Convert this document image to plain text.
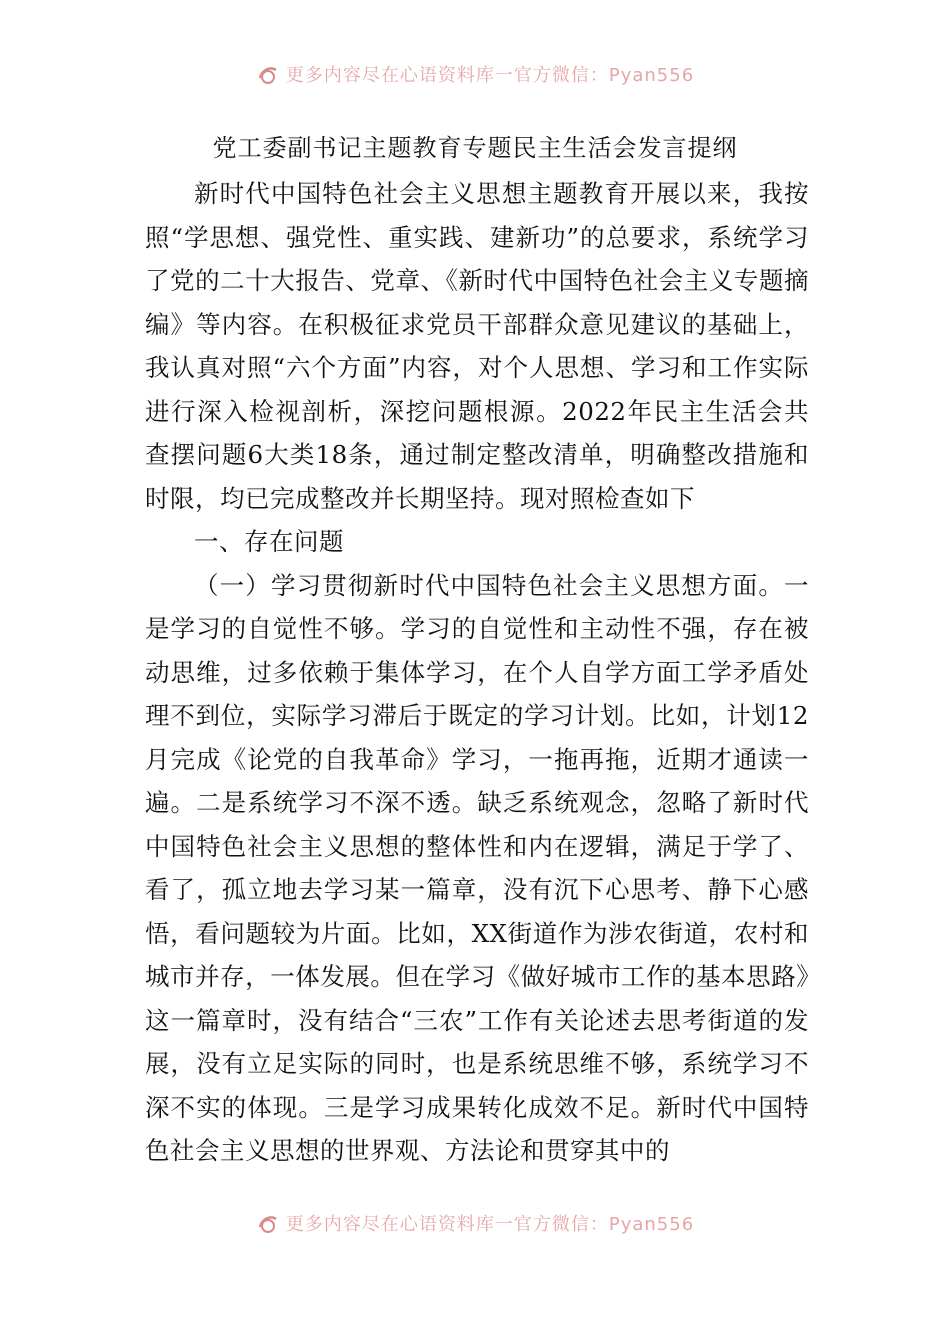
更多内容尽在心语资料库一官方微信：Pyan556
党工委副书记主题教育专题民主生活会发言提纲

新时代中国特色社会主义思想主题教育开展以来，我按照“学思想、强党性、重实践、建新功”的总要求，系统学习了党的二十大报告、党章、《新时代中国特色社会主义专题摘编》等内容。在积极征求党员干部群众意见建议的基础上，我认真对照“六个方面”内容，对个人思想、学习和工作实际进行深入检视剖析，深挖问题根源。2022年民主生活会共查摆问题6大类18条，通过制定整改清单，明确整改措施和时限，均已完成整改并长期坚持。现对照检查如下

一、存在问题

（一）学习贯彻新时代中国特色社会主义思想方面。一是学习的自觉性不够。学习的自觉性和主动性不强，存在被动思维，过多依赖于集体学习，在个人自学方面工学矛盾处理不到位，实际学习滞后于既定的学习计划。比如，计划12月完成《论党的自我革命》学习，一拖再拖，近期才通读一遍。二是系统学习不深不透。缺乏系统观念，忽略了新时代中国特色社会主义思想的整体性和内在逻辑，满足于学了、看了，孤立地去学习某一篇章，没有沉下心思考、静下心感悟，看问题较为片面。比如，XX街道作为涉农街道，农村和城市并存，一体发展。但在学习《做好城市工作的基本思路》这一篇章时，没有结合“三农”工作有关论述去思考街道的发展，没有立足实际的同时，也是系统思维不够，系统学习不深不实的体现。三是学习成果转化成效不足。新时代中国特色社会主义思想的世界观、方法论和贯穿其中的

更多内容尽在心语资料库一官方微信：Pyan556
